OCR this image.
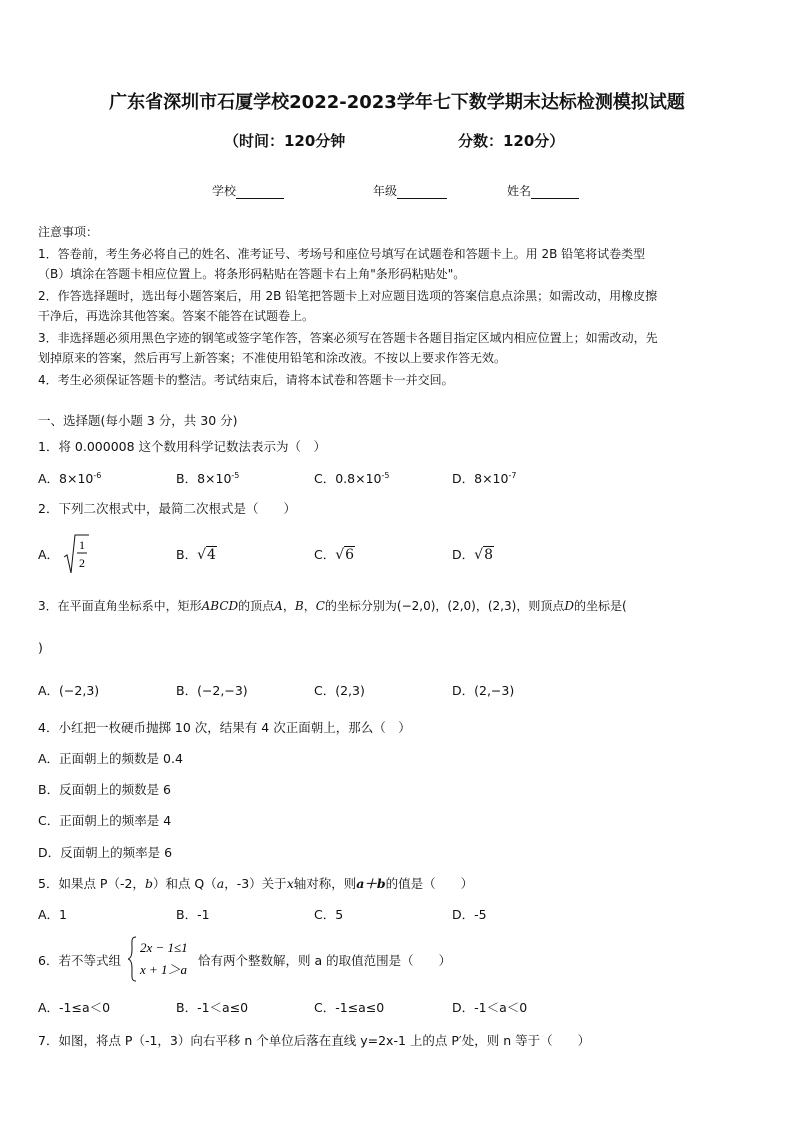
广东省深圳市石厦学校2022-2023学年七下数学期末达标检测模拟试题
（时间：120分钟	分数：120分）
学校	年级	姓名
注意事项：
1．答卷前，考生务必将自己的姓名、准考证号、考场号和座位号填写在试题卷和答题卡上。用 2B 铅笔将试卷类型
（B）填涂在答题卡相应位置上。将条形码粘贴在答题卡右上角"条形码粘贴处"。
2．作答选择题时，选出每小题答案后，用 2B 铅笔把答题卡上对应题目选项的答案信息点涂黑；如需改动，用橡皮擦
干净后，再选涂其他答案。答案不能答在试题卷上。
3．非选择题必须用黑色字迹的钢笔或签字笔作答，答案必须写在答题卡各题目指定区域内相应位置上；如需改动，先
划掉原来的答案，然后再写上新答案；不准使用铅笔和涂改液。不按以上要求作答无效。
4．考生必须保证答题卡的整洁。考试结束后，请将本试卷和答题卡一并交回。
一、选择题(每小题 3 分，共 30 分)
1．将 0.000008 这个数用科学记数法表示为（　）
A．$8\times 10^{-6}$	B．$8\times 10^{-5}$	C．$0.8\times 10^{-5}$	D．$8\times 10^{-7}$
2．下列二次根式中，最简二次根式是（　　）
A．
1
2
B．√4	C．√6	D．√8
3．在平面直角坐标系中，矩形ABCD的顶点A，B，C的坐标分别为(−2,0)，(2,0)，(2,3)，则顶点D的坐标是(
)
A．(−2,3)	B．(−2,−3)	C．(2,3)	D．(2,−3)
4．小红把一枚硬币抛掷 10 次，结果有 4 次正面朝上，那么（　）
A．正面朝上的频数是 0.4
B．反面朝上的频数是 6
C．正面朝上的频率是 4
D．反面朝上的频率是 6
5．如果点 P（-2，b）和点 Q（a，-3）关于x轴对称，则a＋b的值是（　　）
A．1	B．-1	C．5	D．-5
6．若不等式组
2x − 1≤1
x + 1＞a
恰有两个整数解，则 a 的取值范围是（　　）
A．-1≤a＜0	B．-1＜a≤0	C．-1≤a≤0	D．-1＜a＜0
7．如图，将点 P（-1，3）向右平移 n 个单位后落在直线 y=2x-1 上的点 P′处，则 n 等于（　　）
